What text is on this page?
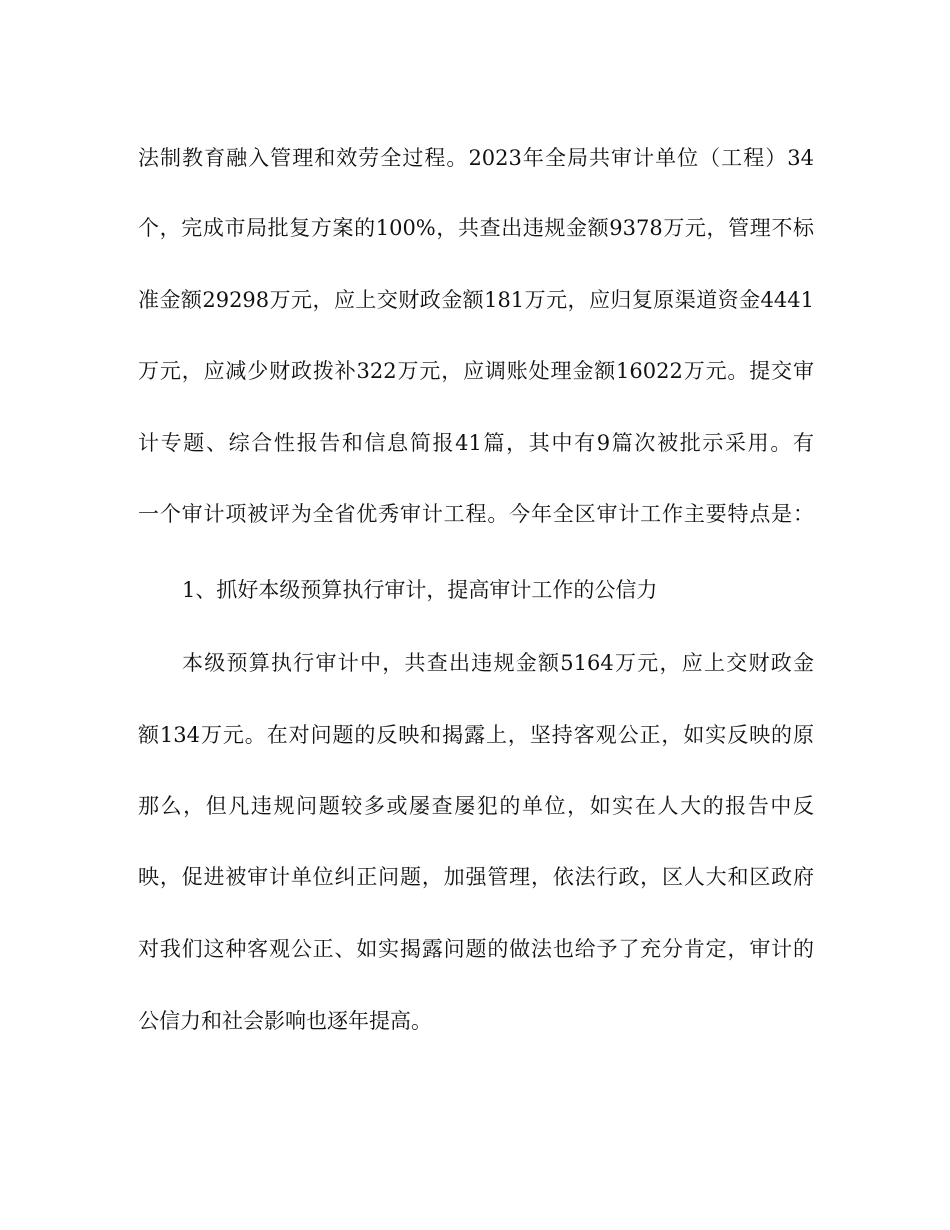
法制教育融入管理和效劳全过程。2023年全局共审计单位（工程）34
个，完成市局批复方案的100%，共查出违规金额9378万元，管理不标
准金额29298万元，应上交财政金额181万元，应归复原渠道资金4441
万元，应减少财政拨补322万元，应调账处理金额16022万元。提交审
计专题、综合性报告和信息简报41篇，其中有9篇次被批示采用。有
一个审计项被评为全省优秀审计工程。今年全区审计工作主要特点是：
1、抓好本级预算执行审计，提高审计工作的公信力
本级预算执行审计中，共查出违规金额5164万元，应上交财政金
额134万元。在对问题的反映和揭露上，坚持客观公正，如实反映的原
那么，但凡违规问题较多或屡查屡犯的单位，如实在人大的报告中反
映，促进被审计单位纠正问题，加强管理，依法行政，区人大和区政府
对我们这种客观公正、如实揭露问题的做法也给予了充分肯定，审计的
公信力和社会影响也逐年提高。
